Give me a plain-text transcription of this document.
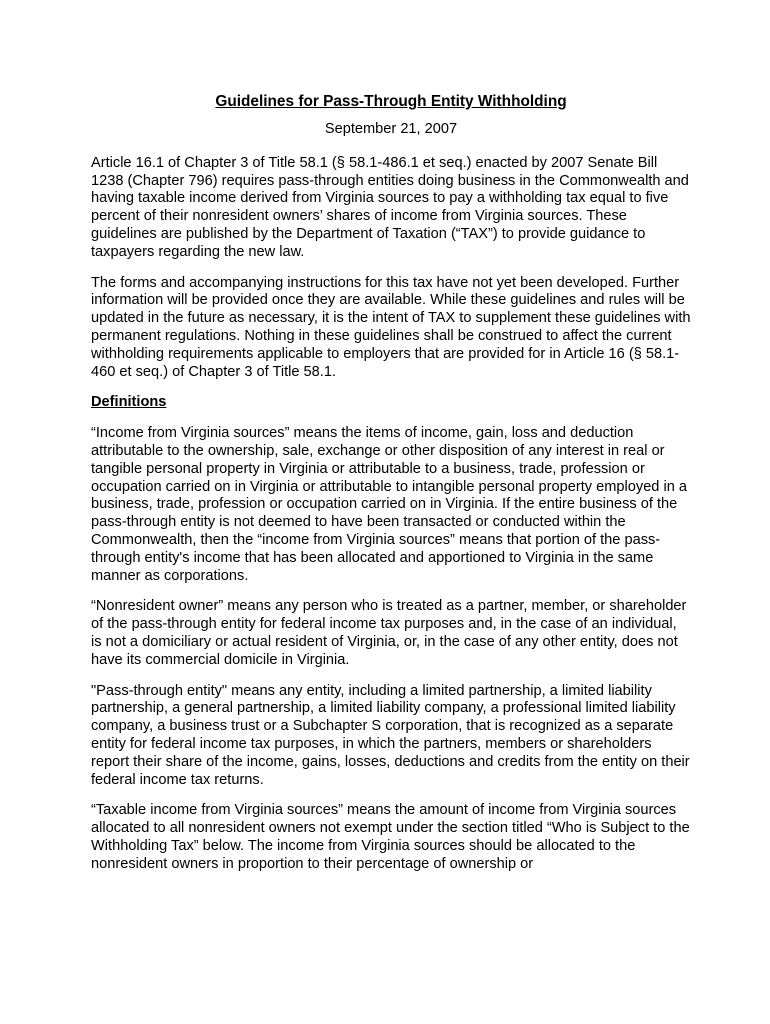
Guidelines for Pass-Through Entity Withholding
September 21, 2007
Article 16.1 of Chapter 3 of Title 58.1 (§ 58.1-486.1 et seq.) enacted by 2007 Senate Bill 1238 (Chapter 796) requires pass-through entities doing business in the Commonwealth and having taxable income derived from Virginia sources to pay a withholding tax equal to five percent of their nonresident owners’ shares of income from Virginia sources. These guidelines are published by the Department of Taxation (“TAX”) to provide guidance to taxpayers regarding the new law.
The forms and accompanying instructions for this tax have not yet been developed. Further information will be provided once they are available. While these guidelines and rules will be updated in the future as necessary, it is the intent of TAX to supplement these guidelines with permanent regulations. Nothing in these guidelines shall be construed to affect the current withholding requirements applicable to employers that are provided for in Article 16 (§ 58.1-460 et seq.) of Chapter 3 of Title 58.1.
Definitions
“Income from Virginia sources” means the items of income, gain, loss and deduction attributable to the ownership, sale, exchange or other disposition of any interest in real or tangible personal property in Virginia or attributable to a business, trade, profession or occupation carried on in Virginia or attributable to intangible personal property employed in a business, trade, profession or occupation carried on in Virginia. If the entire business of the pass-through entity is not deemed to have been transacted or conducted within the Commonwealth, then the “income from Virginia sources” means that portion of the pass-through entity's income that has been allocated and apportioned to Virginia in the same manner as corporations.
“Nonresident owner” means any person who is treated as a partner, member, or shareholder of the pass-through entity for federal income tax purposes and, in the case of an individual, is not a domiciliary or actual resident of Virginia, or, in the case of any other entity, does not have its commercial domicile in Virginia.
"Pass-through entity" means any entity, including a limited partnership, a limited liability partnership, a general partnership, a limited liability company, a professional limited liability company, a business trust or a Subchapter S corporation, that is recognized as a separate entity for federal income tax purposes, in which the partners, members or shareholders report their share of the income, gains, losses, deductions and credits from the entity on their federal income tax returns.
“Taxable income from Virginia sources” means the amount of income from Virginia sources allocated to all nonresident owners not exempt under the section titled “Who is Subject to the Withholding Tax” below. The income from Virginia sources should be allocated to the nonresident owners in proportion to their percentage of ownership or
